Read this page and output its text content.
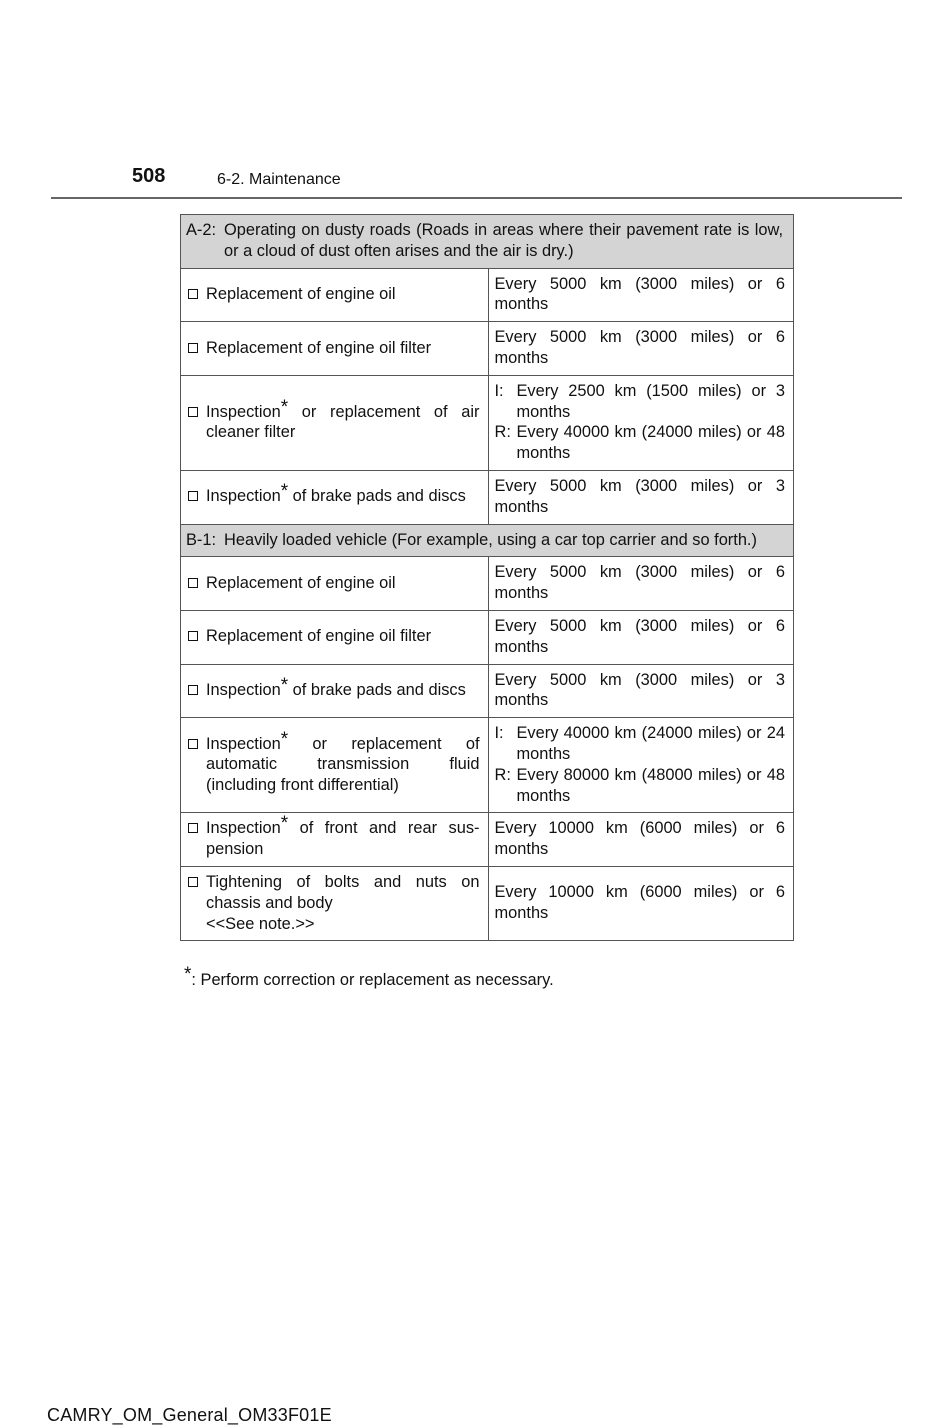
508	6-2. Maintenance
A-2: Operating on dusty roads (Roads in areas where their pavement rate is low, or a cloud of dust often arises and the air is dry.)	

Replacement of engine oil	Every 5000 km (3000 miles) or 6 months

Replacement of engine oil filter	Every 5000 km (3000 miles) or 6 months

Inspection* or replacement of air cleaner filter	I: Every 2500 km (1500 miles) or 3 months
R: Every 40000 km (24000 miles) or 48 months

Inspection* of brake pads and discs	Every 5000 km (3000 miles) or 3 months

B-1: Heavily loaded vehicle (For example, using a car top carrier and so forth.)	

Replacement of engine oil	Every 5000 km (3000 miles) or 6 months

Replacement of engine oil filter	Every 5000 km (3000 miles) or 6 months

Inspection* of brake pads and discs	Every 5000 km (3000 miles) or 3 months

Inspection* or replacement of automatic transmission fluid (including front differential)	I: Every 40000 km (24000 miles) or 24 months
R: Every 80000 km (48000 miles) or 48 months

Inspection* of front and rear sus-pension	Every 10000 km (6000 miles) or 6 months

Tightening of bolts and nuts on chassis and body
<<See note.>>	Every 10000 km (6000 miles) or 6 months
*: Perform correction or replacement as necessary.
CAMRY_OM_General_OM33F01E
